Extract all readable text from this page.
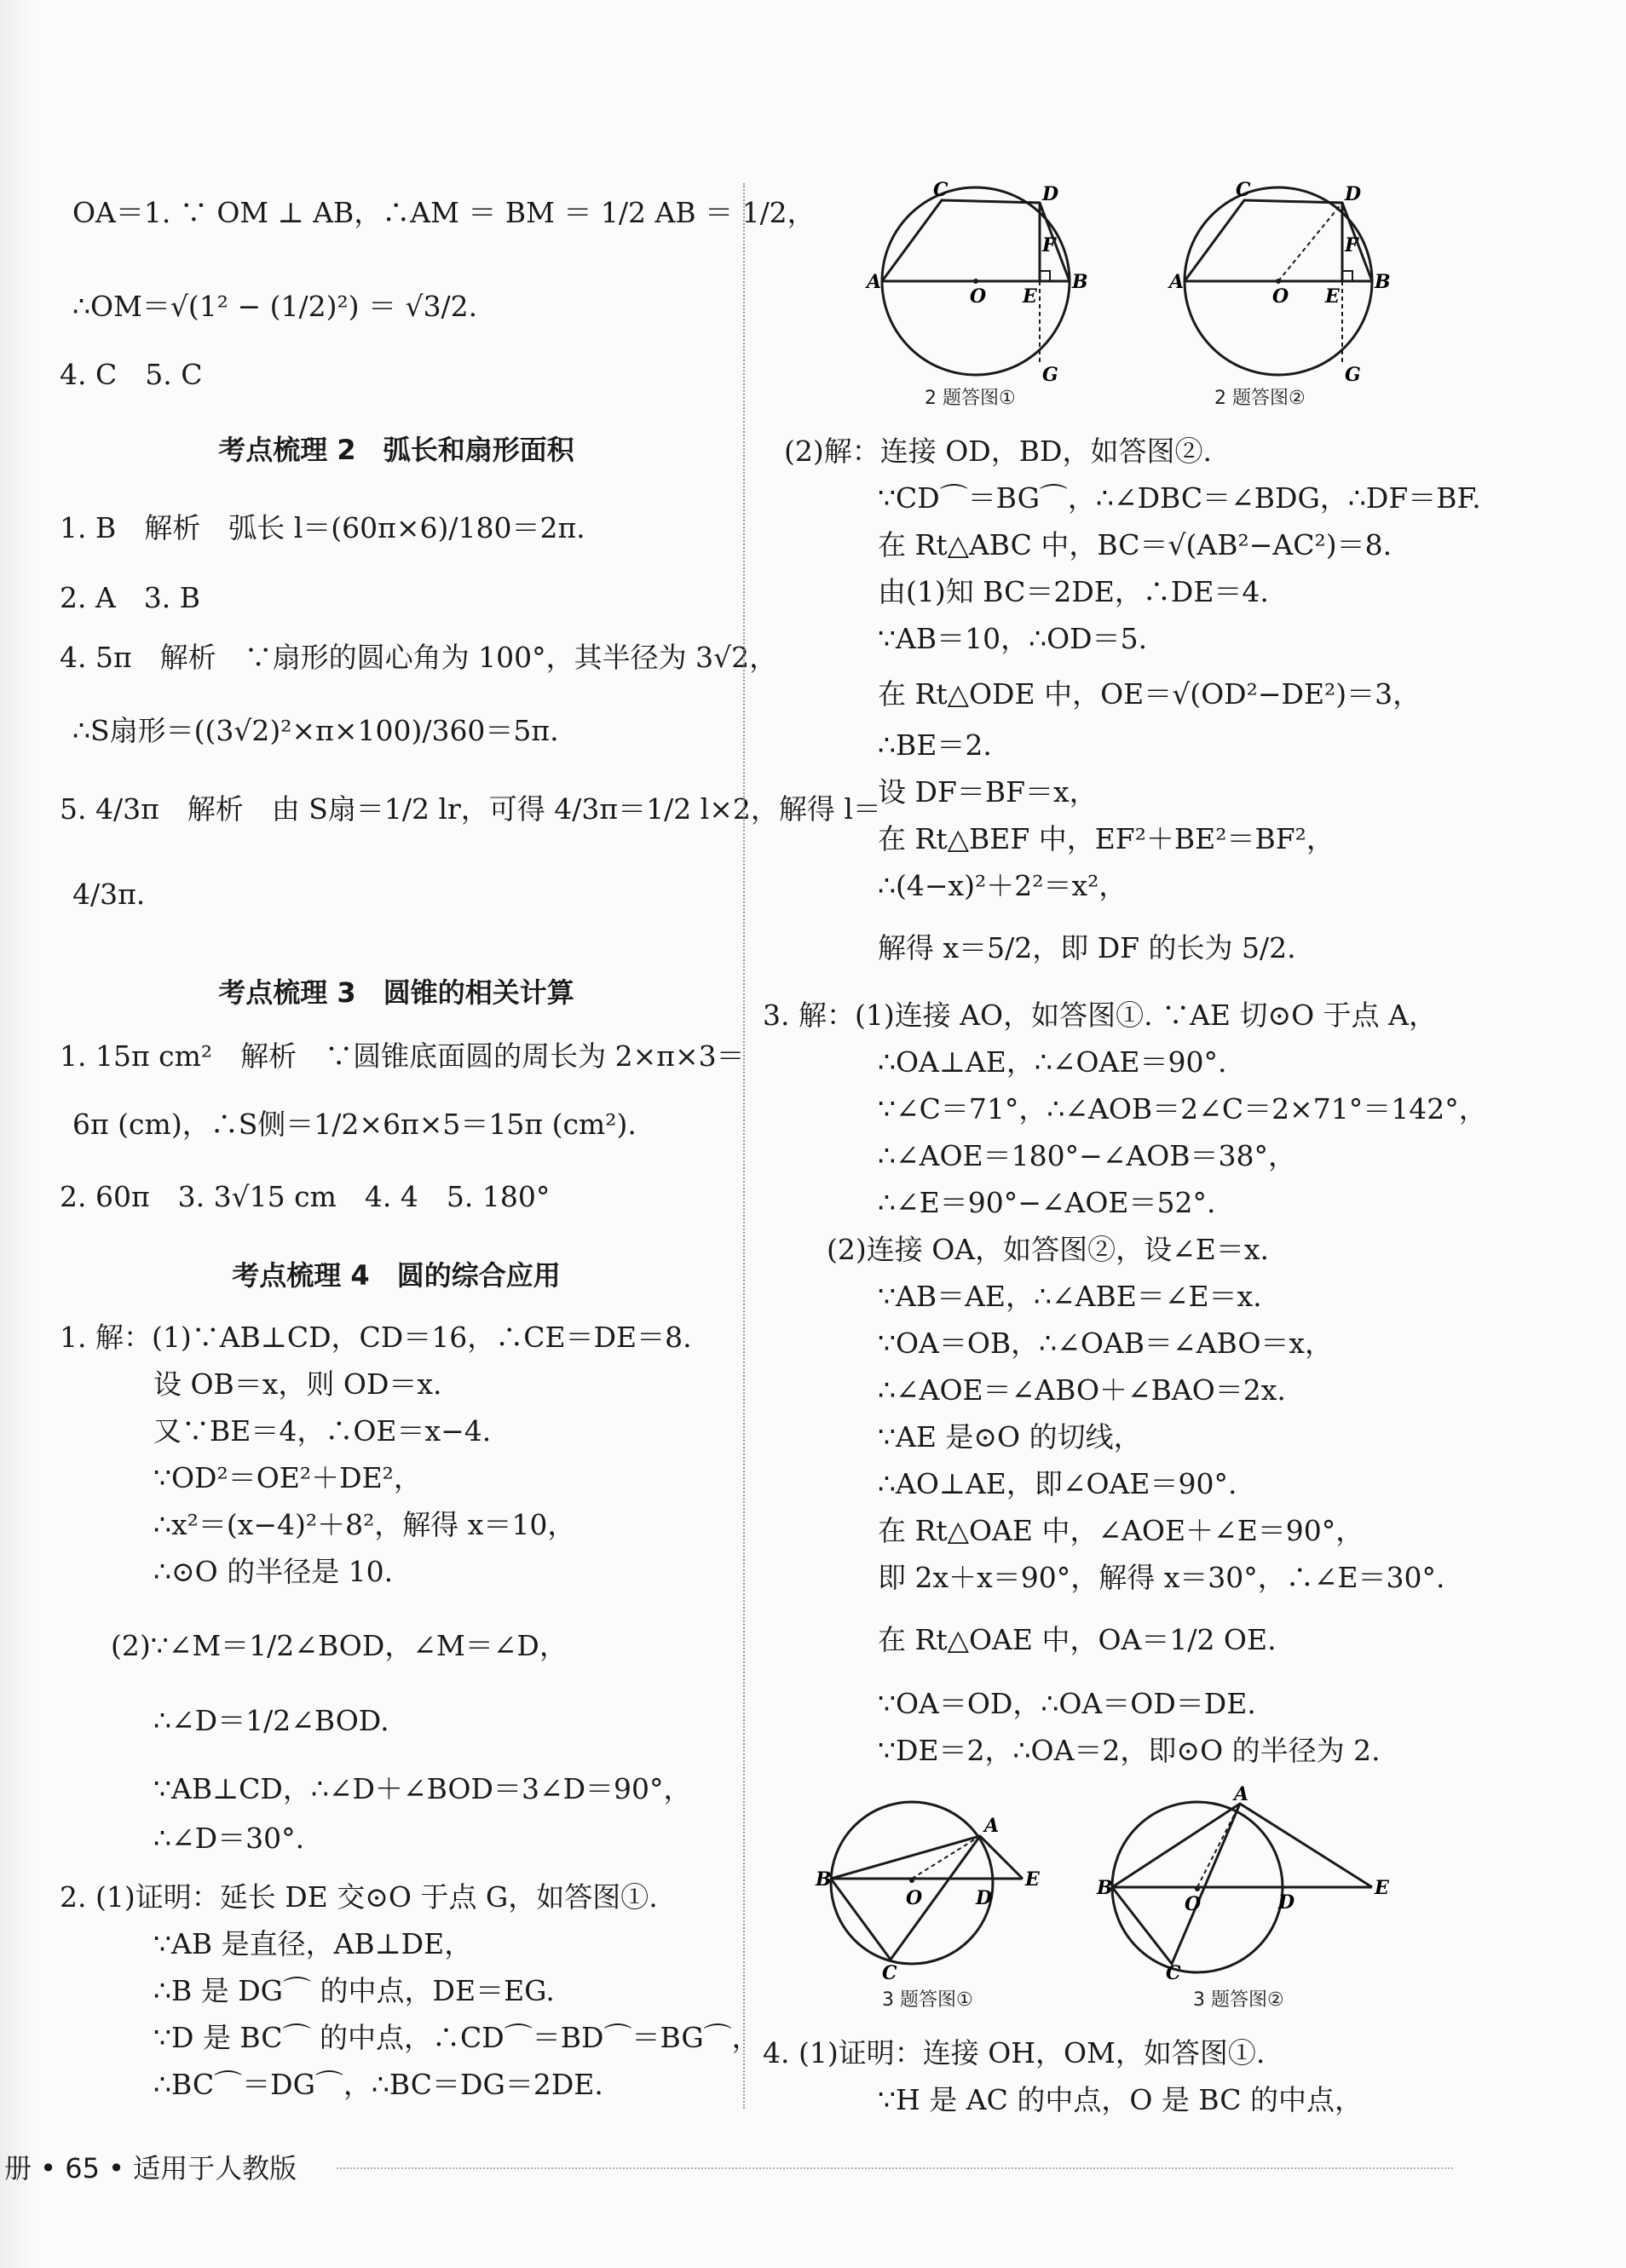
OA＝1. ∵ OM ⊥ AB，∴AM ＝ BM ＝ 1/2 AB ＝ 1/2，
∴OM＝√(1² − (1/2)²) ＝ √3/2.
4. C　5. C
考点梳理 2　弧长和扇形面积
1. B　解析　弧长 l＝(60π×6)/180＝2π.
2. A　3. B
4. 5π　解析　∵扇形的圆心角为 100°，其半径为 3√2，
∴S扇形＝((3√2)²×π×100)/360＝5π.
5. 4/3π　解析　由 S扇＝1/2 lr，可得 4/3π＝1/2 l×2，解得 l＝
4/3π.
考点梳理 3　圆锥的相关计算
1. 15π cm²　解析　∵圆锥底面圆的周长为 2×π×3＝
6π (cm)，∴S侧＝1/2×6π×5＝15π (cm²).
2. 60π　3. 3√15 cm　4. 4　5. 180°
考点梳理 4　圆的综合应用
1. 解：(1)∵AB⊥CD，CD＝16，∴CE＝DE＝8.
设 OB＝x，则 OD＝x.
又∵BE＝4，∴OE＝x−4.
∵OD²＝OE²＋DE²，
∴x²＝(x−4)²＋8²，解得 x＝10，
∴⊙O 的半径是 10.
(2)∵∠M＝1/2∠BOD，∠M＝∠D，
∴∠D＝1/2∠BOD.
∵AB⊥CD，∴∠D＋∠BOD＝3∠D＝90°，
∴∠D＝30°.
2. (1)证明：延长 DE 交⊙O 于点 G，如答图①.
∵AB 是直径，AB⊥DE，
∴B 是 DG⌒ 的中点，DE＝EG.
∵D 是 BC⌒ 的中点，∴CD⌒＝BD⌒＝BG⌒，
∴BC⌒＝DG⌒，∴BC＝DG＝2DE.
C
A	B
D
F
E
O
G
2 题答图①
C
A	B
D
F
E
O
G
2 题答图②
(2)解：连接 OD，BD，如答图②.
∵CD⌒＝BG⌒，∴∠DBC＝∠BDG，∴DF＝BF.
在 Rt△ABC 中，BC＝√(AB²−AC²)＝8.
由(1)知 BC＝2DE，∴DE＝4.
∵AB＝10，∴OD＝5.
在 Rt△ODE 中，OE＝√(OD²−DE²)＝3，
∴BE＝2.
设 DF＝BF＝x，
在 Rt△BEF 中，EF²＋BE²＝BF²，
∴(4−x)²＋2²＝x²，
解得 x＝5/2，即 DF 的长为 5/2.
3. 解：(1)连接 AO，如答图①. ∵AE 切⊙O 于点 A，
∴OA⊥AE，∴∠OAE＝90°.
∵∠C＝71°，∴∠AOB＝2∠C＝2×71°＝142°，
∴∠AOE＝180°−∠AOB＝38°，
∴∠E＝90°−∠AOE＝52°.
(2)连接 OA，如答图②，设∠E＝x.
∵AB＝AE，∴∠ABE＝∠E＝x.
∵OA＝OB，∴∠OAB＝∠ABO＝x，
∴∠AOE＝∠ABO＋∠BAO＝2x.
∵AE 是⊙O 的切线，
∴AO⊥AE，即∠OAE＝90°.
在 Rt△OAE 中，∠AOE＋∠E＝90°，
即 2x＋x＝90°，解得 x＝30°，∴∠E＝30°.
在 Rt△OAE 中，OA＝1/2 OE.
∵OA＝OD，∴OA＝OD＝DE.
∵DE＝2，∴OA＝2，即⊙O 的半径为 2.
4. (1)证明：连接 OH，OM，如答图①.
∵H 是 AC 的中点，O 是 BC 的中点，
A
B	E
D
O
C
3 题答图①
A
B	E
D
O
C
3 题答图②
册 • 65 • 适用于人教版
